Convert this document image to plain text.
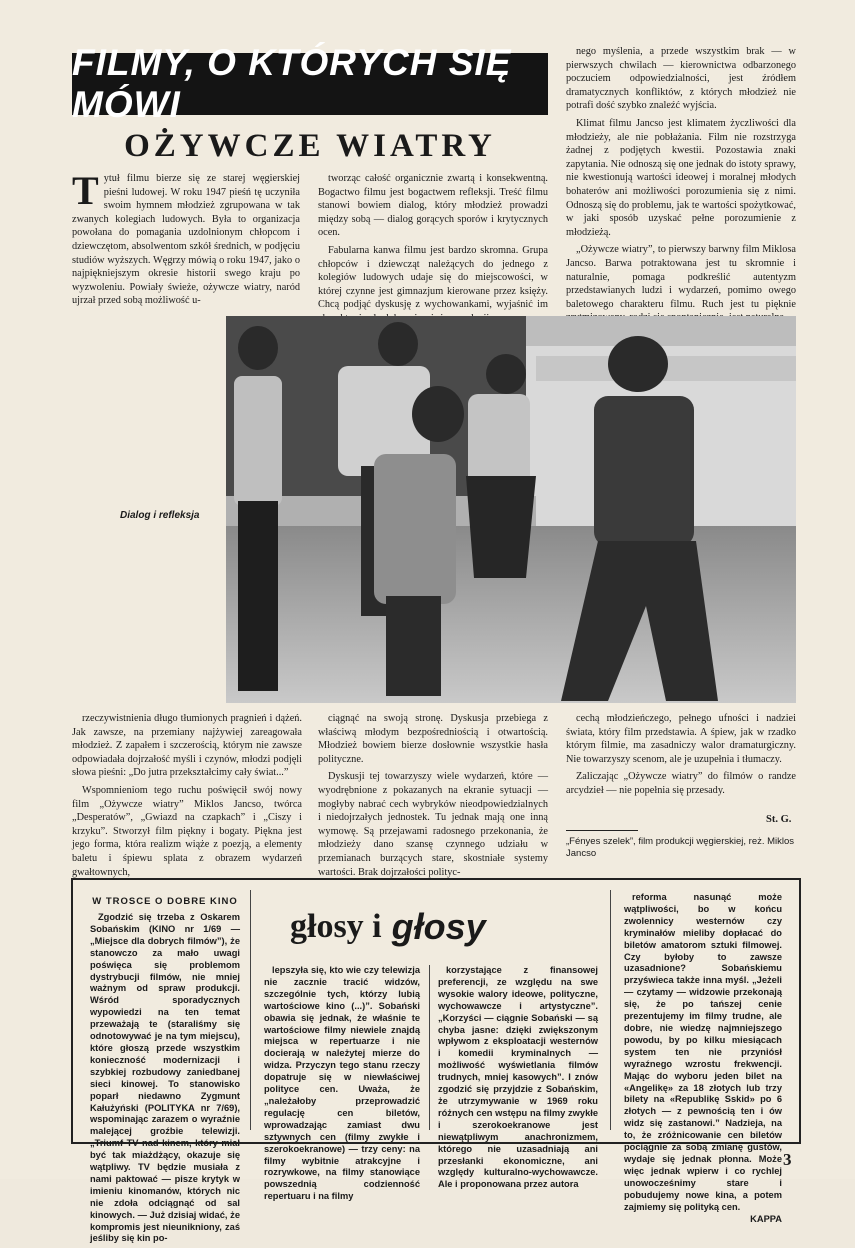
FILMY, O KTÓRYCH SIĘ MÓWI
OŻYWCZE WIATRY
T ytuł filmu bierze się ze starej węgierskiej pieśni ludowej. W roku 1947 pieśń tę uczyniła swoim hymnem młodzież zgrupowana w tak zwanych kolegiach ludowych. Była to organizacja powołana do pomagania uzdolnionym chłopcom i dziewczętom, absolwentom szkół średnich, w podjęciu studiów wyższych. Węgrzy mówią o roku 1947, jako o najpiękniejszym okresie historii swego kraju po wyzwoleniu. Powiały świeże, ożywcze wiatry, naród ujrzał przed sobą możliwość u-

tworząc całość organicznie zwartą i konsekwentną. Bogactwo filmu jest bogactwem refleksji. Treść filmu stanowi bowiem dialog, który młodzież prowadzi między sobą — dialog gorących sporów i krytycznych ocen.

Fabularna kanwa filmu jest bardzo skromna. Grupa chłopców i dziewcząt należących do jednego z kolegiów ludowych udaje się do miejscowości, w której czynne jest gimnazjum kierowane przez księży. Chcą podjąć dyskusję z wychowankami, wyjaśnić im

nego myślenia, a przede wszystkim brak — w pierwszych chwilach — kierownictwa odbarzonego poczuciem odpowiedzialności, jest źródłem dramatycznych konfliktów, z których młodzież nie potrafi dość szybko znaleźć wyjścia.

Klimat filmu Jancso jest klimatem życzliwości dla młodzieży, ale nie pobłażania. Film nie rozstrzyga żadnej z podjętych kwestii. Pozostawia znaki zapytania. Nie odnoszą się one jednak do istoty sprawy, nie kwestionują wartości ideowej i moralnej młodych bohaterów ani możliwości porozumienia się z nimi. Odnoszą się do problemu, jak te wartości spożytkować, w jaki sposób uzyskać pełne porozumienie z młodzieżą.

„Ożywcze wiatry”, to pierwszy barwny film Miklosa Jancso. Barwa potraktowana jest tu skromnie i naturalnie, pomaga podkreślić autentyzm przedstawianych ludzi i wydarzeń, pomimo owego baletowego charakteru filmu. Ruch jest tu pięknie

Dialog i refleksja

rzeczywistnienia długo tłumionych pragnień i dążeń. Jak zawsze, na przemiany najżywiej zareagowała młodzież. Z zapałem i szczerością, którym nie zawsze odpowiadała dojrzałość myśli i czynów, młodzi podjęli słowa pieśni: „Do jutra przekształcimy cały świat...”

Wspomnieniom tego ruchu poświęcił swój nowy film „Ożywcze wiatry” Miklos Jancso, twórca „Desperatów”, „Gwiazd na czapkach” i „Ciszy i krzyku”. Stworzył film piękny i bogaty. Piękna jest jego forma, która realizm wiąże z poezją, a elementy baletu i śpiewu splata z obrazem wydarzeń gwałtownych,

ciągnąć na swoją stronę. Dyskusja przebiega z właściwą młodym bezpośredniością i otwartością. Młodzież bowiem bierze dosłownie wszystkie hasła polityczne.

Dyskusji tej towarzyszy wiele wydarzeń, które — wyodrębnione z pokazanych na ekranie sytuacji — mogłyby nabrać cech wybryków nieodpowiedzialnych i niedojrzałych jednostek. Tu jednak mają one inną wymowę. Są przejawami radosnego przekonania, że młodzieży dano szansę czynnego udziału w przemianach burzących stare, skostniałe systemy wartości. Brak dojrzałości polityc-

cechą młodzieńczego, pełnego ufności i nadziei świata, który film przedstawia. A śpiew, jak w rzadko którym filmie, ma zasadniczy walor dramaturgiczny. Nie towarzyszy scenom, ale je uzupełnia i tłumaczy.

Zaliczając „Ożywcze wiatry” do filmów o randze arcydzieł — nie popełnia się przesady.

St. G.
„Fényes szelek”, film produkcji węgierskiej, reż. Miklos Jancso
W TROSCE O DOBRE KINO
głosy i głosy

Zgodzić się trzeba z Oskarem Sobańskim (KINO nr 1/69 — „Miejsce dla dobrych filmów”), że stanowczo za mało uwagi poświęca się problemom dystrybucji filmów, nie mniej ważnym od spraw produkcji. Wśród sporadycznych wypowiedzi na ten temat przeważają te (staraliśmy się odnotowywać je na tym miejscu), które głoszą przede wszystkim konieczność modernizacji i szybkiej rozbudowy zaniedbanej sieci kinowej. To stanowisko poparł niedawno Zygmunt Kałużyński (POLITYKA nr 7/69), wspominając zarazem o wyraźnie malejącej groźbie telewizji. „Triumf TV nad kinem, który miał być tak miażdżący, okazuje się wątpliwy. TV będzie musiała z nami paktować — pisze krytyk w imieniu kinomanów, których nic nie zdoła odciągnąć od sal kinowych. — Już dzisiaj widać, że kompromis jest nieunikniony, zaś jeśliby się kin po-

lepszyła się, kto wie czy telewizja nie zacznie tracić widzów, szczególnie tych, którzy lubią wartościowe kino (...)”. Sobański obawia się jednak, że właśnie te wartościowe filmy niewiele znajdą miejsca w repertuarze i nie docierają w należytej mierze do widza. Przyczyn tego stanu rzeczy dopatruje się w niewłaściwej polityce cen. Uważa, że „należałoby przeprowadzić regulację cen biletów, wprowadzając zamiast dwu sztywnych cen (filmy zwykłe i szerokoekranowe) — trzy ceny: na filmy wybitnie atrakcyjne i rozrywkowe, na filmy stanowiące powszednią codzienność repertuaru i na filmy

korzystające z finansowej preferencji, ze względu na swe wysokie walory ideowe, polityczne, wychowawcze i artystyczne”. „Korzyści — ciągnie Sobański — są chyba jasne: dzięki zwiększonym wpływom z eksploatacji westernów i komedii kryminalnych — możliwość wyświetlania filmów trudnych, mniej kasowych”. I znów zgodzić się przyjdzie z Sobańskim, że utrzymywanie w 1969 roku różnych cen wstępu na filmy zwykłe i szerokoekranowe jest niewątpliwym anachronizmem, którego nie uzasadniają ani przesłanki ekonomiczne, ani względy kulturalno-wychowawcze. Ale i proponowana przez autora

reforma nasunąć może wątpliwości, bo w końcu zwolennicy westernów czy kryminałów mieliby dopłacać do biletów amatorom sztuki filmowej. Czy byłoby to zawsze uzasadnione? Sobańskiemu przyświeca także inna myśl. „Jeżeli — czytamy — widzowie przekonają się, że po tańszej cenie prezentujemy im filmy trudne, ale dobre, nie wiedzę najmniejszego powodu, by po kilku miesiącach system ten nie przyniósł wyraźnego wzrostu frekwencji. Mając do wyboru jeden bilet na «Angelikę» za 18 złotych lub trzy bilety na «Republikę Sskid» po 6 złotych — z pewnością ten i ów widz się zastanowi.” Nadzieja, na to, że zróżnicowanie cen biletów pociągnie za sobą zmianę gustów, wydaje się jednak płonna. Może więc jednak wpierw i co rychlej unowocześnimy stare i pobudujemy nowe kina, a potem zajmiemy się polityką cen.

KAPPA
3
